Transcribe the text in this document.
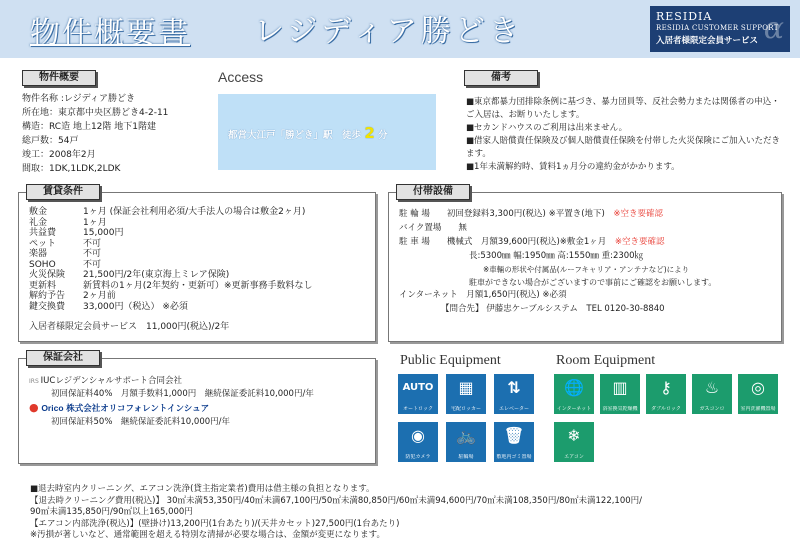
物件概要書 レジディア勝どき	RESIDIA
RESIDIA CUSTOMER SUPPORT
入居者様限定会員サービス α
物件概要

物件名称 :レジディア勝どき

所在地：東京都中央区勝どき4-2-11

構造：RC造 地上12階 地下1階建

総戸数：54戸

竣工：2008年2月

間取：1DK,1LDK,2LDK

Access
都営大江戸「勝どき」駅　徒歩 2 分
備考

■東京都暴力団排除条例に基づき、暴力団員等、反社会勢力または関係者の申込・ご入居は、お断りいたします。

■セカンドハウスのご利用は出来ません。

■借家人賠償責任保険及び個人賠償責任保険を付帯した火災保険にご加入いただきます。

■1年未満解約時、賃料1ヵ月分の違約金がかかります。

敷金	1ヶ月 (保証会社利用必須/大手法人の場合は敷金2ヶ月)
礼金	1ヶ月
共益費	15,000円
ペット	不可
楽器	不可
SOHO	不可
火災保険	21,500円/2年(東京海上ミレア保険)
更新料	新賃料の1ヶ月(2年契約・更新可）※更新事務手数料なし
解約予告	2ヶ月前
鍵交換費	33,000円（税込） ※必須
入居者様限定会員サービス　11,000円(税込)/2年
賃貸条件

駐 輪 場　　初回登録料3,300円(税込) ※平置き(地下)　 ※空き要確認

バイク置場　　無

駐 車 場　　機械式　月額39,600円(税込)※敷金1ヶ月　 ※空き要確認

長:5300㎜ 幅:1950㎜ 高:1550㎜ 重:2300㎏

※車輛の形状や付属品(ルーフキャリア・アンテナなど)により

駐車ができない場合がございますので事前にご確認をお願いします。

インターネット　月額1,650円(税込) ※必須

【問合先】 伊藤忠ケーブルシステム　TEL 0120-30-8840

付帯設備

IRS IUCレジデンシャルサポート合同会社

初回保証料40%　月額手数料1,000円　継続保証委託料10,000円/年

● Orico 株式会社オリコフォレントインシュア

初回保証料50%　継続保証委託料10,000円/年

保証会社	Public Equipment
AUTO
オートロック
▦
宅配ロッカー
⇅
エレベーター
◉
防犯カメラ
🚲
駐輪場
🗑
敷地内ゴミ置場
Room Equipment
🌐
インターネット
▥
浴室換気乾燥機
⚷
ダブルロック
♨
ガスコンロ
◎
室内洗濯機置場
❄
エアコン

■退去時室内クリーニング、エアコン洗浄(貸主指定業者)費用は借主様の負担となります。

【退去時クリーニング費用(税込)】 30㎡未満53,350円/40㎡未満67,100円/50㎡未満80,850円/60㎡未満94,600円/70㎡未満108,350円/80㎡未満122,100円/

90㎡未満135,850円/90㎡以上165,000円

【エアコン内部洗浄(税込)】(壁掛け)13,200円(1台あたり)/(天井カセット)27,500円(1台あたり)

※汚損が著しいなど、通常範囲を超える特別な清掃が必要な場合は、金額が変更になります。
